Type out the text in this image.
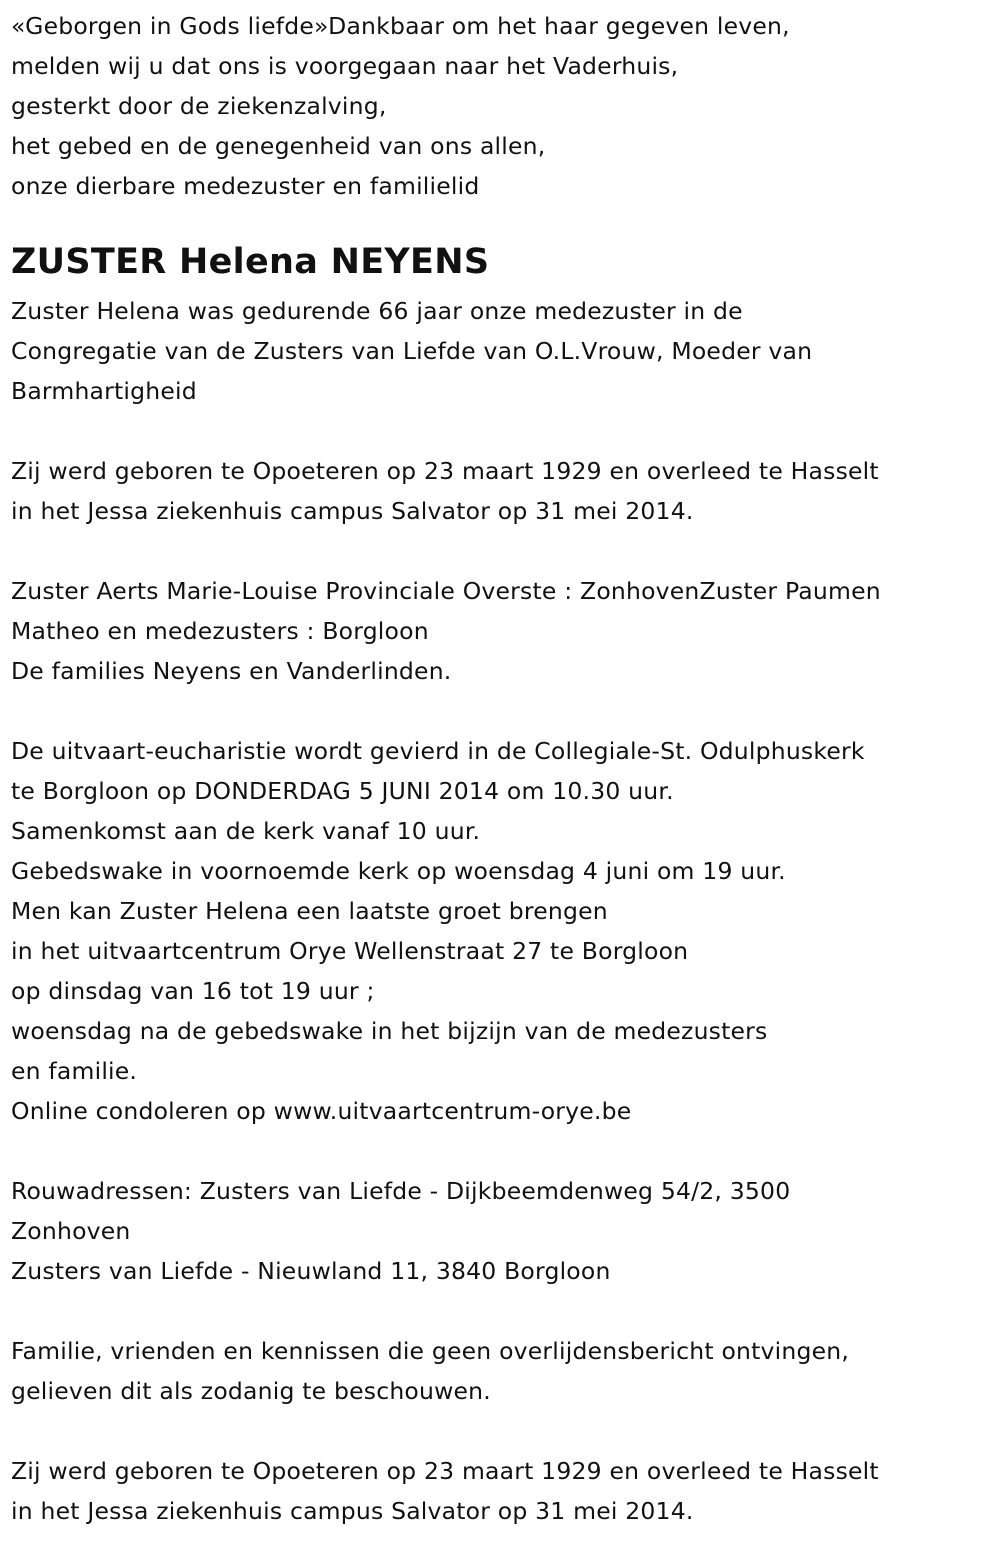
«Geborgen in Gods liefde»Dankbaar om het haar gegeven leven,
melden wij u dat ons is voorgegaan naar het Vaderhuis,
gesterkt door de ziekenzalving,
het gebed en de genegenheid van ons allen,
onze dierbare medezuster en familielid
ZUSTER Helena NEYENS
Zuster Helena was gedurende 66 jaar onze medezuster in de
Congregatie van de Zusters van Liefde van O.L.Vrouw, Moeder van
Barmhartigheid
Zij werd geboren te Opoeteren op 23 maart 1929 en overleed te Hasselt
in het Jessa ziekenhuis campus Salvator op 31 mei 2014.
Zuster Aerts Marie-Louise Provinciale Overste : ZonhovenZuster Paumen
Matheo en medezusters : Borgloon
De families Neyens en Vanderlinden.
De uitvaart-eucharistie wordt gevierd in de Collegiale-St. Odulphuskerk
te Borgloon op DONDERDAG 5 JUNI 2014 om 10.30 uur.
Samenkomst aan de kerk vanaf 10 uur.
Gebedswake in voornoemde kerk op woensdag 4 juni om 19 uur.
Men kan Zuster Helena een laatste groet brengen
in het uitvaartcentrum Orye Wellenstraat 27 te Borgloon
op dinsdag van 16 tot 19 uur ;
woensdag na de gebedswake in het bijzijn van de medezusters
en familie.
Online condoleren op www.uitvaartcentrum-orye.be
Rouwadressen: Zusters van Liefde - Dijkbeemdenweg 54/2, 3500
Zonhoven
Zusters van Liefde - Nieuwland 11, 3840 Borgloon
Familie, vrienden en kennissen die geen overlijdensbericht ontvingen,
gelieven dit als zodanig te beschouwen.
Zij werd geboren te Opoeteren op 23 maart 1929 en overleed te Hasselt
in het Jessa ziekenhuis campus Salvator op 31 mei 2014.
